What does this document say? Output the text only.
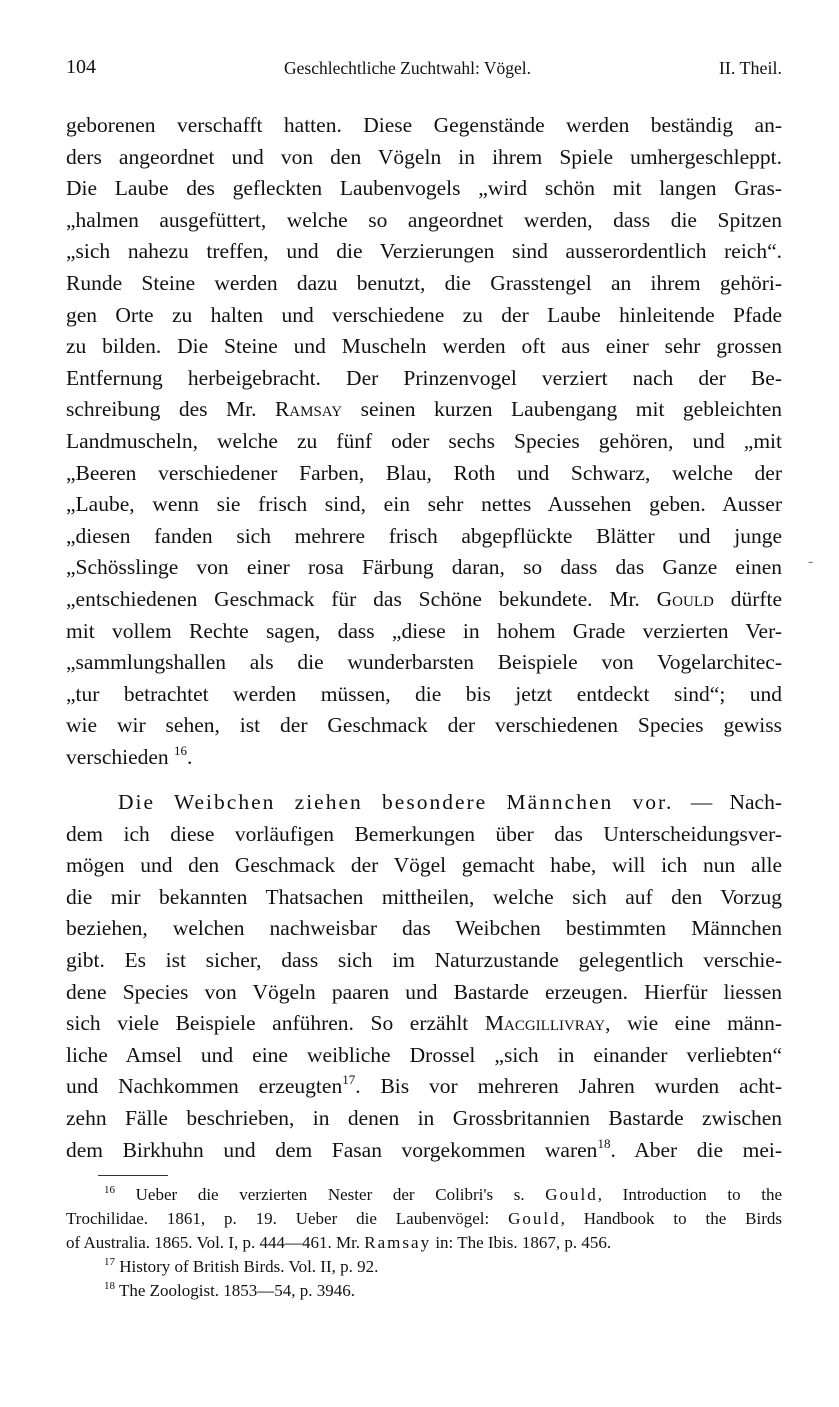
104	Geschlechtliche Zuchtwahl: Vögel.	II. Theil.
geborenen verschafft hatten. Diese Gegenstände werden beständig an-
ders angeordnet und von den Vögeln in ihrem Spiele umhergeschleppt.
Die Laube des gefleckten Laubenvogels „wird schön mit langen Gras-
„halmen ausgefüttert, welche so angeordnet werden, dass die Spitzen
„sich nahezu treffen, und die Verzierungen sind ausserordentlich reich“.
Runde Steine werden dazu benutzt, die Grasstengel an ihrem gehöri-
gen Orte zu halten und verschiedene zu der Laube hinleitende Pfade
zu bilden. Die Steine und Muscheln werden oft aus einer sehr grossen
Entfernung herbeigebracht. Der Prinzenvogel verziert nach der Be-
schreibung des Mr. Ramsay seinen kurzen Laubengang mit gebleichten
Landmuscheln, welche zu fünf oder sechs Species gehören, und „mit
„Beeren verschiedener Farben, Blau, Roth und Schwarz, welche der
„Laube, wenn sie frisch sind, ein sehr nettes Aussehen geben. Ausser
„diesen fanden sich mehrere frisch abgepflückte Blätter und junge
„Schösslinge von einer rosa Färbung daran, so dass das Ganze einen
„entschiedenen Geschmack für das Schöne bekundete. Mr. Gould dürfte
mit vollem Rechte sagen, dass „diese in hohem Grade verzierten Ver-
„sammlungshallen als die wunderbarsten Beispiele von Vogelarchitec-
„tur betrachtet werden müssen, die bis jetzt entdeckt sind“; und
wie wir sehen, ist der Geschmack der verschiedenen Species gewiss
verschieden $^{16}$.
Die Weibchen ziehen besondere Männchen vor. — Nach-
dem ich diese vorläufigen Bemerkungen über das Unterscheidungsver-
mögen und den Geschmack der Vögel gemacht habe, will ich nun alle
die mir bekannten Thatsachen mittheilen, welche sich auf den Vorzug
beziehen, welchen nachweisbar das Weibchen bestimmten Männchen
gibt. Es ist sicher, dass sich im Naturzustande gelegentlich verschie-
dene Species von Vögeln paaren und Bastarde erzeugen. Hierfür liessen
sich viele Beispiele anführen. So erzählt Macgillivray, wie eine männ-
liche Amsel und eine weibliche Drossel „sich in einander verliebten“
und Nachkommen erzeugten$^{17}$. Bis vor mehreren Jahren wurden acht-
zehn Fälle beschrieben, in denen in Grossbritannien Bastarde zwischen
dem Birkhuhn und dem Fasan vorgekommen waren$^{18}$. Aber die mei-
$^{16}$ Ueber die verzierten Nester der Colibri's s. Gould, Introduction to the
Trochilidae. 1861, p. 19. Ueber die Laubenvögel: Gould, Handbook to the Birds
of Australia. 1865. Vol. I, p. 444—461. Mr. Ramsay in: The Ibis. 1867, p. 456.
$^{17}$ History of British Birds. Vol. II, p. 92.
$^{18}$ The Zoologist. 1853—54, p. 3946.
-
